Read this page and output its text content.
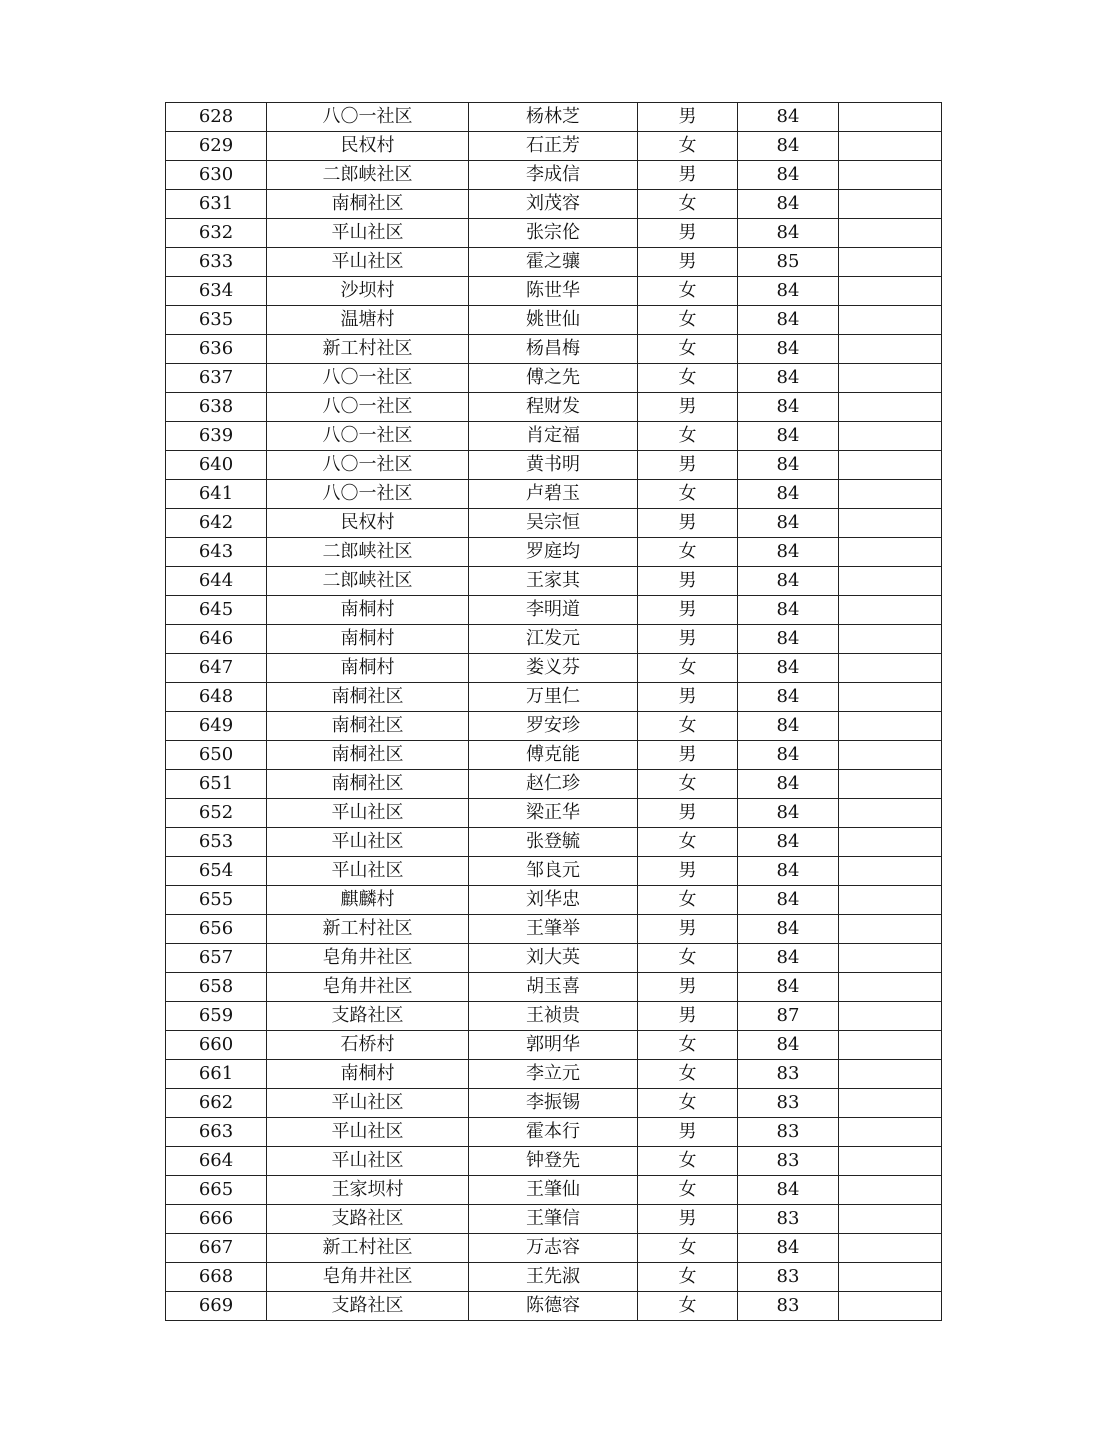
628	八〇一社区	杨林芝	男	84	
629	民权村	石正芳	女	84	
630	二郎峡社区	李成信	男	84	
631	南桐社区	刘茂容	女	84	
632	平山社区	张宗伦	男	84	
633	平山社区	霍之骧	男	85	
634	沙坝村	陈世华	女	84	
635	温塘村	姚世仙	女	84	
636	新工村社区	杨昌梅	女	84	
637	八〇一社区	傅之先	女	84	
638	八〇一社区	程财发	男	84	
639	八〇一社区	肖定福	女	84	
640	八〇一社区	黄书明	男	84	
641	八〇一社区	卢碧玉	女	84	
642	民权村	吴宗恒	男	84	
643	二郎峡社区	罗庭均	女	84	
644	二郎峡社区	王家其	男	84	
645	南桐村	李明道	男	84	
646	南桐村	江发元	男	84	
647	南桐村	娄义芬	女	84	
648	南桐社区	万里仁	男	84	
649	南桐社区	罗安珍	女	84	
650	南桐社区	傅克能	男	84	
651	南桐社区	赵仁珍	女	84	
652	平山社区	梁正华	男	84	
653	平山社区	张登毓	女	84	
654	平山社区	邹良元	男	84	
655	麒麟村	刘华忠	女	84	
656	新工村社区	王肇举	男	84	
657	皂角井社区	刘大英	女	84	
658	皂角井社区	胡玉喜	男	84	
659	支路社区	王祯贵	男	87	
660	石桥村	郭明华	女	84	
661	南桐村	李立元	女	83	
662	平山社区	李振锡	女	83	
663	平山社区	霍本行	男	83	
664	平山社区	钟登先	女	83	
665	王家坝村	王肇仙	女	84	
666	支路社区	王肇信	男	83	
667	新工村社区	万志容	女	84	
668	皂角井社区	王先淑	女	83	
669	支路社区	陈德容	女	83	
